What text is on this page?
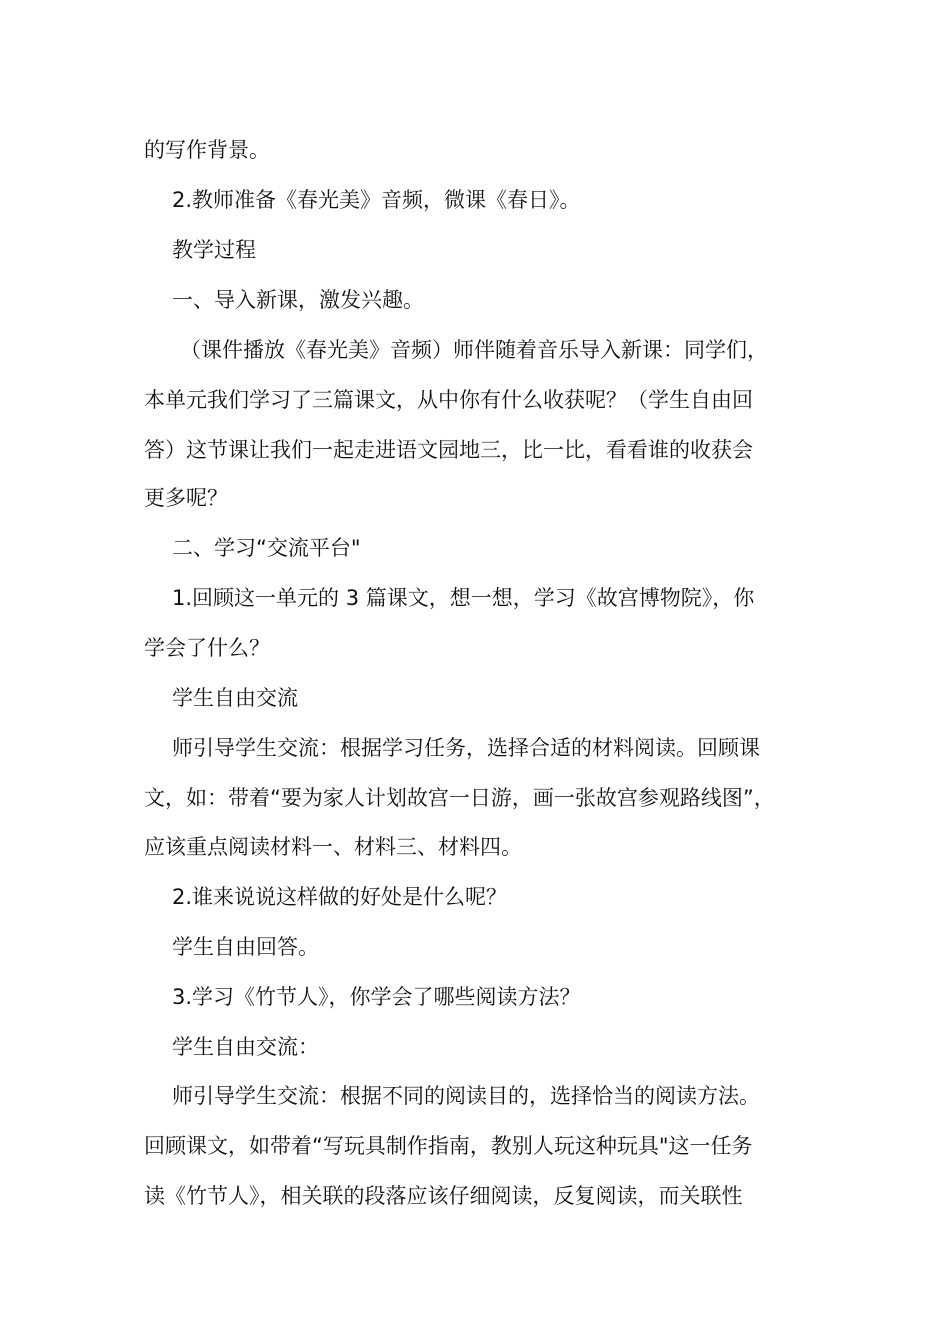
的写作背景。

2.教师准备《春光美》音频，微课《春日》。

教学过程

一、导入新课，激发兴趣。

（课件播放《春光美》音频）师伴随着音乐导入新课：同学们，

本单元我们学习了三篇课文，从中你有什么收获呢？（学生自由回

答）这节课让我们一起走进语文园地三，比一比，看看谁的收获会

更多呢？

二、学习“交流平台"

1.回顾这一单元的 3 篇课文，想一想，学习《故宫博物院》，你

学会了什么？

学生自由交流

师引导学生交流：根据学习任务，选择合适的材料阅读。回顾课

文，如：带着“要为家人计划故宫一日游，画一张故宫参观路线图”，

应该重点阅读材料一、材料三、材料四。

2.谁来说说这样做的好处是什么呢？

学生自由回答。

3.学习《竹节人》，你学会了哪些阅读方法？

学生自由交流：

师引导学生交流：根据不同的阅读目的，选择恰当的阅读方法。

回顾课文，如带着“写玩具制作指南，教别人玩这种玩具"这一任务

读《竹节人》，相关联的段落应该仔细阅读，反复阅读，而关联性
